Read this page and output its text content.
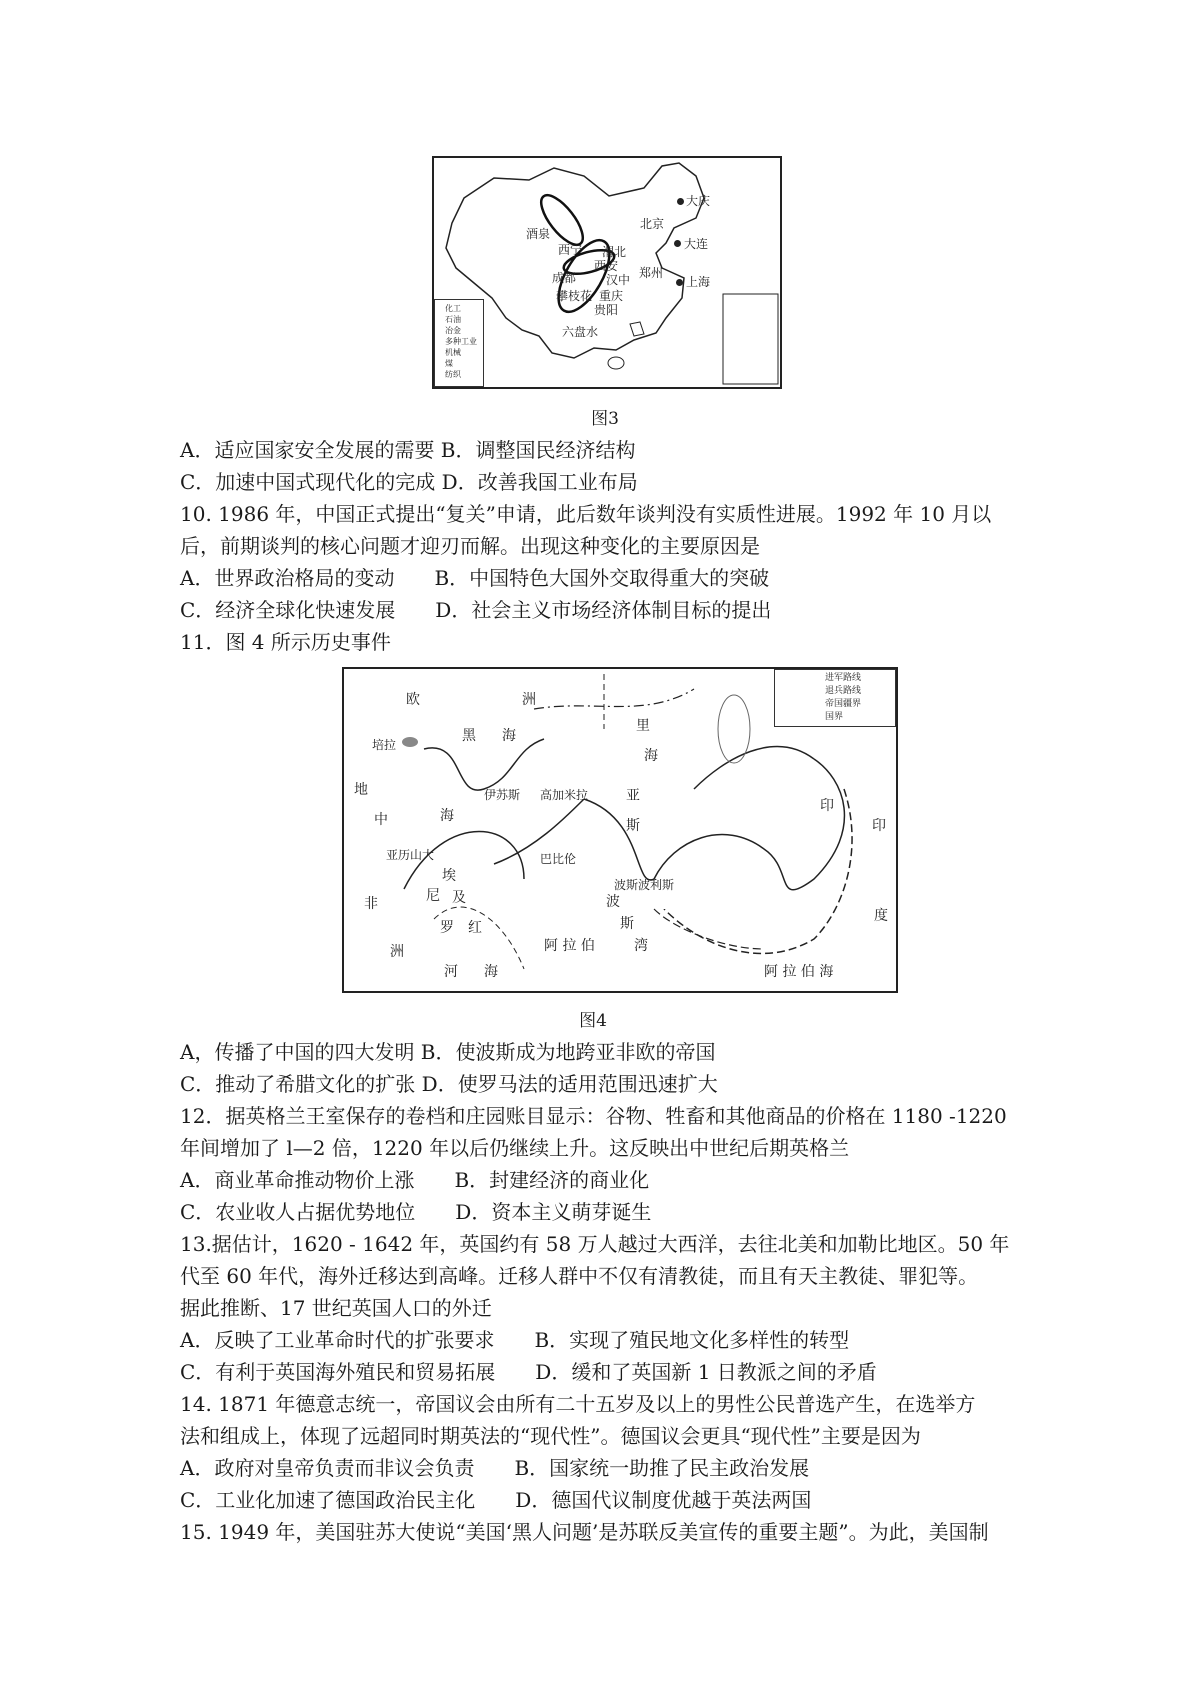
大庆
北京
大连
酒泉
西宁 渭北
西安
成都 汉中 郑州
上海
攀枝花 重庆
贵阳
六盘水
化工
石油
冶金
多种工业
机械
煤
纺织
图3
A．适应国家安全发展的需要 B．调整国民经济结构
C．加速中国式现代化的完成 D．改善我国工业布局
10. 1986 年，中国正式提出“复关”申请，此后数年谈判没有实质性进展。1992 年 10 月以
后，前期谈判的核心问题才迎刃而解。出现这种变化的主要原因是
A．世界政治格局的变动　　B．中国特色大国外交取得重大的突破
C．经济全球化快速发展　　D．社会主义市场经济体制目标的提出
11．图 4 所示历史事件
进军路线
退兵路线
帝国疆界
国界
欧	洲
黑 海
里
海
培拉
地
中	海
非
洲
亚
斯
印
印
度
阿 拉 伯
阿 拉 伯 海
红
海
波
斯
湾
亚历山大	巴比伦
波斯波利斯
高加米拉
伊苏斯
埃
及
尼
罗
河
图4
A，传播了中国的四大发明 B．使波斯成为地跨亚非欧的帝国
C．推动了希腊文化的扩张 D．使罗马法的适用范围迅速扩大
12．据英格兰王室保存的卷档和庄园账目显示：谷物、牲畜和其他商品的价格在 1180 -1220
年间增加了 l—2 倍，1220 年以后仍继续上升。这反映出中世纪后期英格兰
A．商业革命推动物价上涨　　B．封建经济的商业化
C．农业收人占据优势地位　　D．资本主义萌芽诞生
13.据估计，1620 - 1642 年，英国约有 58 万人越过大西洋，去往北美和加勒比地区。50 年
代至 60 年代，海外迁移达到高峰。迁移人群中不仅有清教徒，而且有天主教徒、罪犯等。
据此推断、17 世纪英国人口的外迁
A．反映了工业革命时代的扩张要求　　B．实现了殖民地文化多样性的转型
C．有利于英国海外殖民和贸易拓展　　D．缓和了英国新 1 日教派之间的矛盾
14. 1871 年德意志统一，帝国议会由所有二十五岁及以上的男性公民普选产生，在选举方
法和组成上，体现了远超同时期英法的“现代性”。德国议会更具“现代性”主要是因为
A．政府对皇帝负责而非议会负责　　B．国家统一助推了民主政治发展
C．工业化加速了德国政治民主化　　D．德国代议制度优越于英法两国
15. 1949 年，美国驻苏大使说“美国‘黑人问题’是苏联反美宣传的重要主题”。为此，美国制
